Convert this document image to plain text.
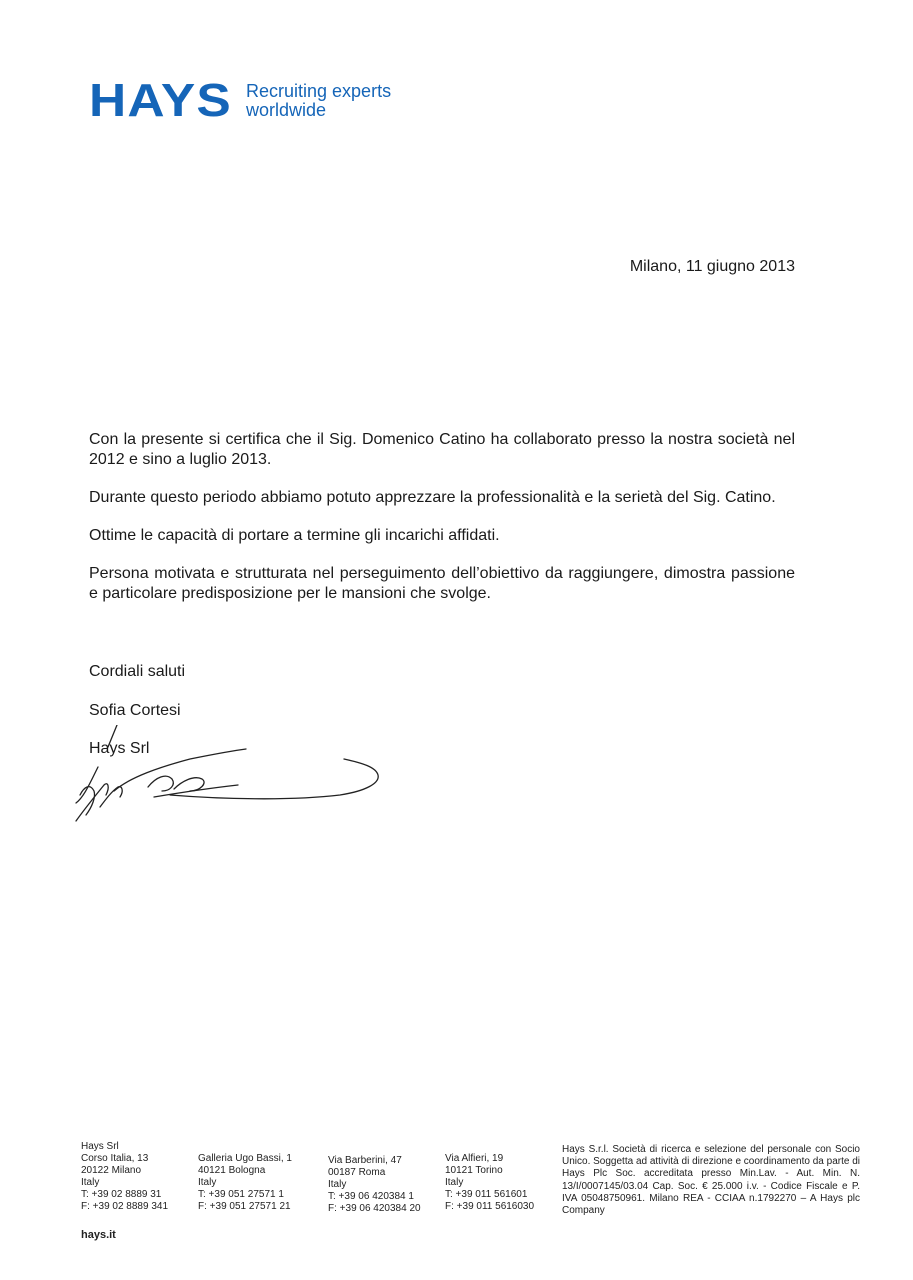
HAYS Recruiting experts worldwide
Milano, 11 giugno 2013

Con la presente si certifica che il Sig. Domenico Catino ha collaborato presso la nostra società nel 2012 e sino a luglio 2013.

Durante questo periodo abbiamo potuto apprezzare la professionalità e la serietà del Sig. Catino.

Ottime le capacità di portare a termine gli incarichi affidati.

Persona motivata e strutturata nel perseguimento dell’obiettivo da raggiungere, dimostra passione e particolare predisposizione per le mansioni che svolge.

Cordiali saluti
Sofia Cortesi
Hays Srl
Hays Srl
Corso Italia, 13
20122 Milano
Italy
T: +39 02 8889 31
F: +39 02 8889 341
Galleria Ugo Bassi, 1
40121 Bologna
Italy
T: +39 051 27571 1
F: +39 051 27571 21
Via Barberini, 47
00187 Roma
Italy
T: +39 06 420384 1
F: +39 06 420384 20
Via Alfieri, 19
10121 Torino
Italy
T: +39 011 561601
F: +39 011 5616030
Hays S.r.l. Società di ricerca e selezione del personale con Socio Unico. Soggetta ad attività di direzione e coordinamento da parte di Hays Plc Soc. accreditata presso Min.Lav. - Aut. Min. N. 13/I/0007145/03.04 Cap. Soc. € 25.000 i.v. - Codice Fiscale e P. IVA 05048750961. Milano REA - CCIAA n.1792270 – A Hays plc Company
hays.it
